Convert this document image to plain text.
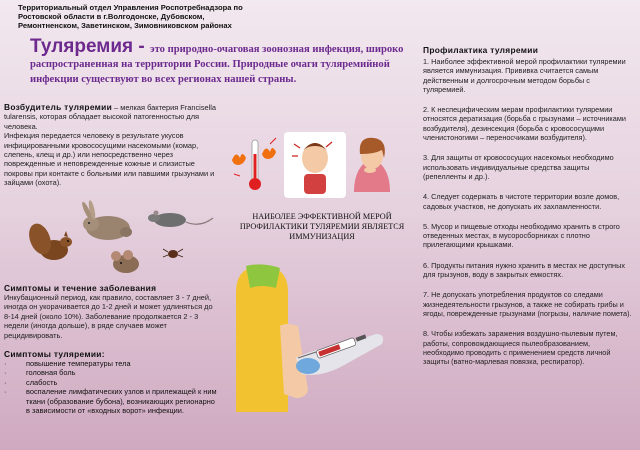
Территориальный отдел Управления Роспотребнадзора по
Ростовской области в г.Волгодонске, Дубовском,
Ремонтненском, Заветинском, Зимовниковском районах
Туляремия - это природно-очаговая зоонозная инфекция, широко распространенная на территории России. Природные очаги туляремийной инфекции существуют во всех регионах нашей страны.

Возбудитель туляремии – мелкая бактерия Francisella tularensis, которая обладает высокой патогенностью для человека.

Инфекция передается человеку в результате укусов инфицированными кровососущими насекомыми (комар, слепень, клещ и др.) или непосредственно через поврежденные и неповрежденные кожные и слизистые покровы при контакте с больными или павшими грызунами и зайцами (охота).

Симптомы и течение заболевания

Инкубационный период, как правило, составляет 3 - 7 дней, иногда он укорачивается до 1-2 дней и может удлиняться до 8-14 дней (около 10%). Заболевание продолжается 2 - 3 недели (иногда дольше), в ряде случаев может рецидивировать.

Симптомы туляремии:

· повышение температуры тела
· головная боль
· слабость
· воспаление лимфатических узлов и прилежащей к ним ткани (образование бубона), возникающих регионарно в зависимости от «входных ворот» инфекции.
НАИБОЛЕЕ ЭФФЕКТИВНОЙ МЕРОЙ ПРОФИЛАКТИКИ ТУЛЯРЕМИИ ЯВЛЯЕТСЯ ИММУНИЗАЦИЯ

Профилактика туляремии

1. Наиболее эффективной мерой профилактики туляремии является иммунизация. Прививка считается самым действенным и долгосрочным методом борьбы с туляремией.

2. К неспецифическим мерам профилактики туляремии относятся дератизация (борьба с грызунами – источниками возбудителя), дезинсекция (борьба с кровососущими членистоногими – переносчиками возбудителя).

3. Для защиты от кровососущих насекомых необходимо использовать индивидуальные средства защиты (репелленты и др.).

4. Следует содержать в чистоте территории возле домов, садовых участков, не допускать их захламленности.

5. Мусор и пищевые отходы необходимо хранить в строго отведенных местах, в мусоросборниках с плотно прилегающими крышками.

6. Продукты питания нужно хранить в местах не доступных для грызунов, воду в закрытых емкостях.

7. Не допускать употребления продуктов со следами жизнедеятельности грызунов, а также не собирать грибы и ягоды, поврежденные грызунами (погрызы, наличие помета).

8. Чтобы избежать заражения воздушно-пылевым путем, работы, сопровождающиеся пылеобразованием, необходимо проводить с применением средств личной защиты (ватно-марлевая повязка, респиратор).
